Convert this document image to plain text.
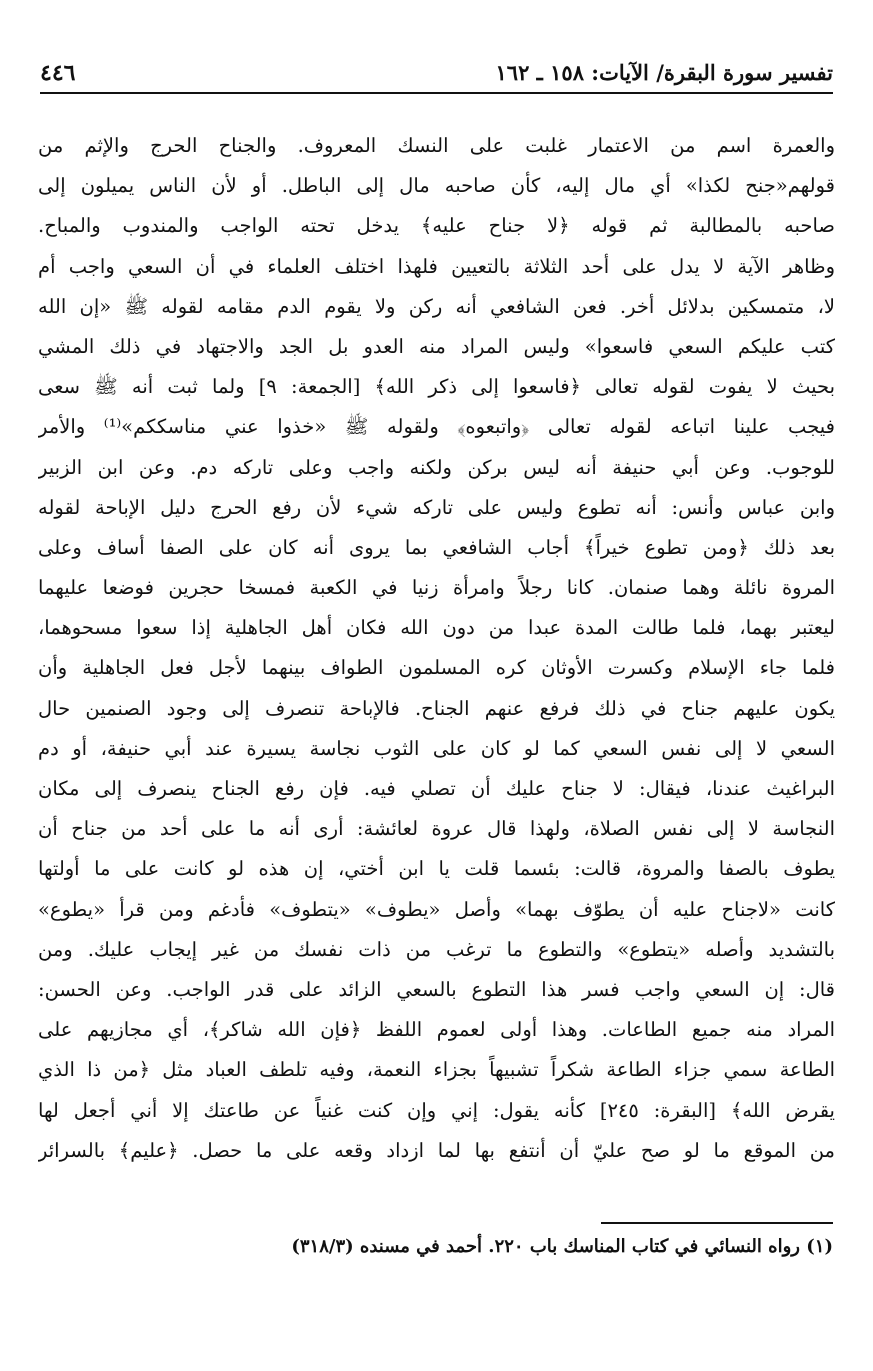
٤٤٦	تفسير سورة البقرة/ الآيات: ١٥٨ ـ ١٦٢
والعمرة اسم من الاعتمار غلبت على النسك المعروف. والجناح الحرج والإثم من
قولهم«جنح لكذا» أي مال إليه، كأن صاحبه مال إلى الباطل. أو لأن الناس يميلون إلى
صاحبه بالمطالبة ثم قوله ﴿لا جناح عليه﴾ يدخل تحته الواجب والمندوب والمباح.
وظاهر الآية لا يدل على أحد الثلاثة بالتعيين فلهذا اختلف العلماء في أن السعي واجب أم
لا، متمسكين بدلائل أخر. فعن الشافعي أنه ركن ولا يقوم الدم مقامه لقوله ﷺ «إن الله
كتب عليكم السعي فاسعوا» وليس المراد منه العدو بل الجد والاجتهاد في ذلك المشي
بحيث لا يفوت لقوله تعالى ﴿فاسعوا إلى ذكر الله﴾ [الجمعة: ٩] ولما ثبت أنه ﷺ سعى
فيجب علينا اتباعه لقوله تعالى ﴿واتبعوه﴾ ولقوله ﷺ «خذوا عني مناسككم»⁽¹⁾ والأمر
للوجوب. وعن أبي حنيفة أنه ليس بركن ولكنه واجب وعلى تاركه دم. وعن ابن الزبير
وابن عباس وأنس: أنه تطوع وليس على تاركه شيء لأن رفع الحرج دليل الإباحة لقوله
بعد ذلك ﴿ومن تطوع خيراً﴾ أجاب الشافعي بما يروى أنه كان على الصفا أساف وعلى
المروة نائلة وهما صنمان. كانا رجلاً وامرأة زنيا في الكعبة فمسخا حجرين فوضعا عليهما
ليعتبر بهما، فلما طالت المدة عبدا من دون الله فكان أهل الجاهلية إذا سعوا مسحوهما،
فلما جاء الإسلام وكسرت الأوثان كره المسلمون الطواف بينهما لأجل فعل الجاهلية وأن
يكون عليهم جناح في ذلك فرفع عنهم الجناح. فالإباحة تنصرف إلى وجود الصنمين حال
السعي لا إلى نفس السعي كما لو كان على الثوب نجاسة يسيرة عند أبي حنيفة، أو دم
البراغيث عندنا، فيقال: لا جناح عليك أن تصلي فيه. فإن رفع الجناح ينصرف إلى مكان
النجاسة لا إلى نفس الصلاة، ولهذا قال عروة لعائشة: أرى أنه ما على أحد من جناح أن
يطوف بالصفا والمروة، قالت: بئسما قلت يا ابن أختي، إن هذه لو كانت على ما أولتها
كانت «لاجناح عليه أن يطوّف بهما» وأصل «يطوف» «يتطوف» فأدغم ومن قرأ «يطوع»
بالتشديد وأصله «يتطوع» والتطوع ما ترغب من ذات نفسك من غير إيجاب عليك. ومن
قال: إن السعي واجب فسر هذا التطوع بالسعي الزائد على قدر الواجب. وعن الحسن:
المراد منه جميع الطاعات. وهذا أولى لعموم اللفظ ﴿فإن الله شاكر﴾، أي مجازيهم على
الطاعة سمي جزاء الطاعة شكراً تشبيهاً بجزاء النعمة، وفيه تلطف العباد مثل ﴿من ذا الذي
يقرض الله﴾ [البقرة: ٢٤٥] كأنه يقول: إني وإن كنت غنياً عن طاعتك إلا أني أجعل لها
من الموقع ما لو صح عليّ أن أنتفع بها لما ازداد وقعه على ما حصل. ﴿عليم﴾ بالسرائر
(١) رواه النسائي في كتاب المناسك باب ٢٢٠. أحمد في مسنده (٣١٨/٣)
